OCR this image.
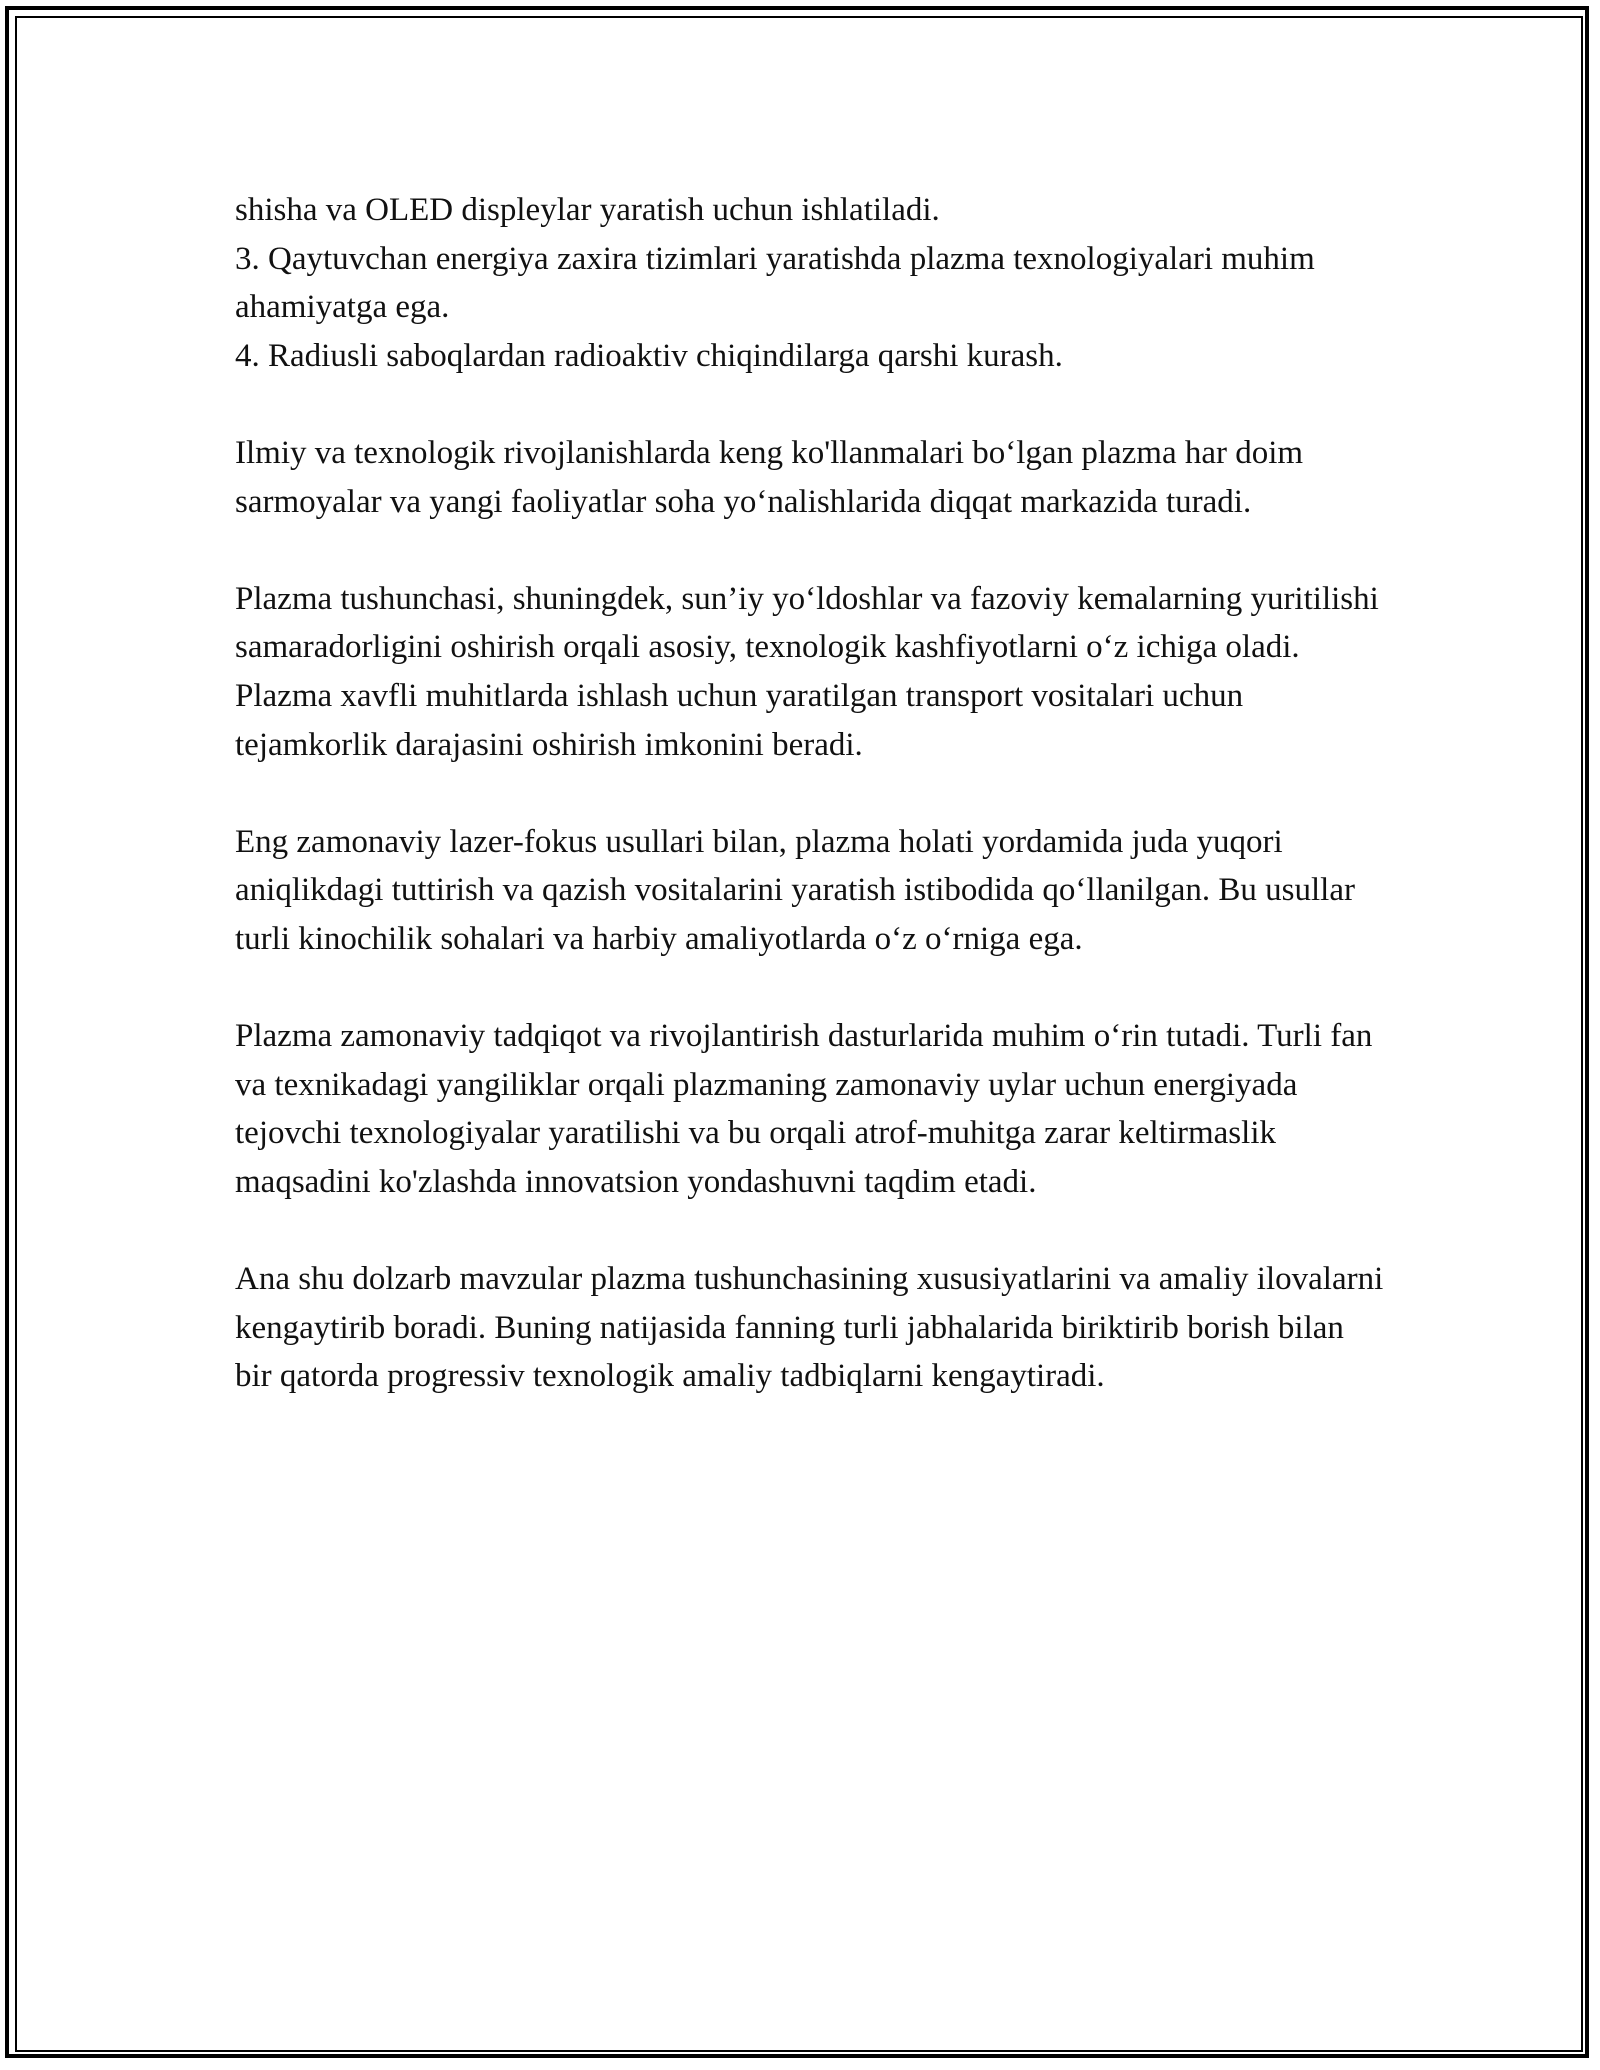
shisha va OLED displeylar yaratish uchun ishlatiladi.

3. Qaytuvchan energiya zaxira tizimlari yaratishda plazma texnologiyalari muhim ahamiyatga ega.

4. Radiusli saboqlardan radioaktiv chiqindilarga qarshi kurash.

Ilmiy va texnologik rivojlanishlarda keng ko'llanmalari bo‘lgan plazma har doim sarmoyalar va yangi faoliyatlar soha yo‘nalishlarida diqqat markazida turadi.

Plazma tushunchasi, shuningdek, sun’iy yo‘ldoshlar va fazoviy kemalarning yuritilishi samaradorligini oshirish orqali asosiy, texnologik kashfiyotlarni o‘z ichiga oladi. Plazma xavfli muhitlarda ishlash uchun yaratilgan transport vositalari uchun tejamkorlik darajasini oshirish imkonini beradi.

Eng zamonaviy lazer-fokus usullari bilan, plazma holati yordamida juda yuqori aniqlikdagi tuttirish va qazish vositalarini yaratish istibodida qo‘llanilgan. Bu usullar turli kinochilik sohalari va harbiy amaliyotlarda o‘z o‘rniga ega.

Plazma zamonaviy tadqiqot va rivojlantirish dasturlarida muhim o‘rin tutadi. Turli fan va texnikadagi yangiliklar orqali plazmaning zamonaviy uylar uchun energiyada tejovchi texnologiyalar yaratilishi va bu orqali atrof-muhitga zarar keltirmaslik maqsadini ko'zlashda innovatsion yondashuvni taqdim etadi.

Ana shu dolzarb mavzular plazma tushunchasining xususiyatlarini va amaliy ilovalarni kengaytirib boradi. Buning natijasida fanning turli jabhalarida biriktirib borish bilan bir qatorda progressiv texnologik amaliy tadbiqlarni kengaytiradi.
